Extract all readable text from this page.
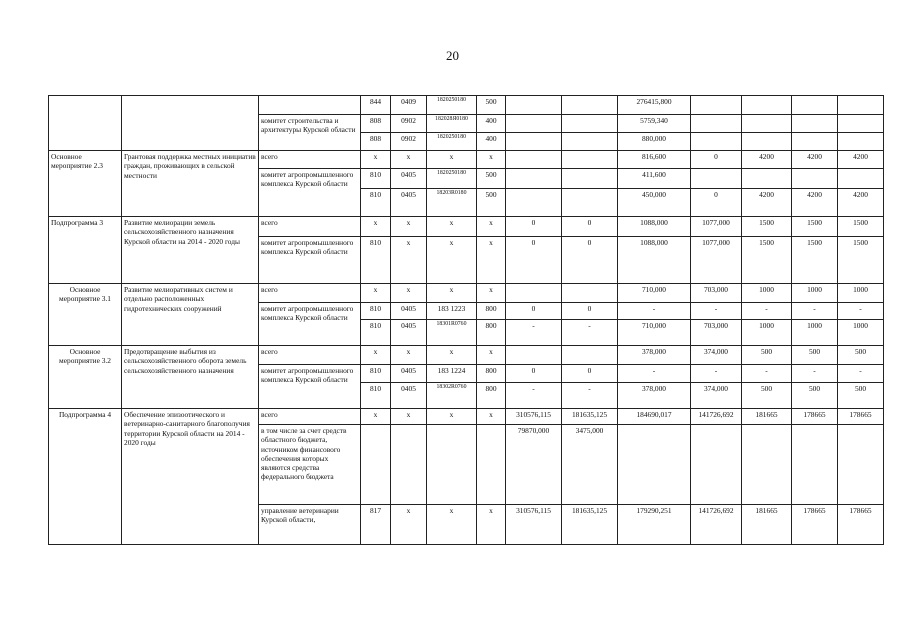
20
			844	0409	1820250180	500			276415,800				
		комитет строительства и архитектуры Курской области	808	0902	182028Я0180	400			5759,340				
			808	0902	1820250180	400			880,000				
Основное мероприятие 2.3	Грантовая поддержка местных инициатив граждан, проживающих в сельской местности	всего	х	х	х	х			816,600	0	4200	4200	4200
		комитет агропромышленного комплекса Курской области	810	0405	1820250180	500			411,600				
			810	0405	18203R0180	500			450,000	0	4200	4200	4200
Подпрограмма 3	Развитие мелиорации земель сельскохозяйственного назначения Курской области на 2014 - 2020 годы	всего	х	х	х	х	0	0	1088,000	1077,000	1500	1500	1500
		комитет агропромышленного комплекса Курской области	810	х	х	х	0	0	1088,000	1077,000	1500	1500	1500
Основное мероприятие 3.1	Развитие мелиоративных систем и отдельно расположенных гидротехнических сооружений	всего	х	х	х	х			710,000	703,000	1000	1000	1000
		комитет агропромышленного комплекса Курской области	810	0405	183 1223	800	0	0	-	-	-	-	-
			810	0405	18301R0760	800	-	-	710,000	703,000	1000	1000	1000
Основное мероприятие 3.2	Предотвращение выбытия из сельскохозяйственного оборота земель сельскохозяйственного назначения	всего	х	х	х	х			378,000	374,000	500	500	500
		комитет агропромышленного комплекса Курской области	810	0405	183 1224	800	0	0	-	-	-	-	-
			810	0405	18302R0760	800	-	-	378,000	374,000	500	500	500
Подпрограмма 4	Обеспечение эпизоотического и ветеринарно-санитарного благополучия территории Курской области на 2014 - 2020 годы	всего	х	х	х	х	310576,115	181635,125	184690,017	141726,692	181665	178665	178665
		в том числе за счет средств областного бюджета, источником финансового обеспечения которых являются средства федерального бюджета					79870,000	3475,000					
		управление ветеринарии Курской области,	817	х	х	х	310576,115	181635,125	179290,251	141726,692	181665	178665	178665
